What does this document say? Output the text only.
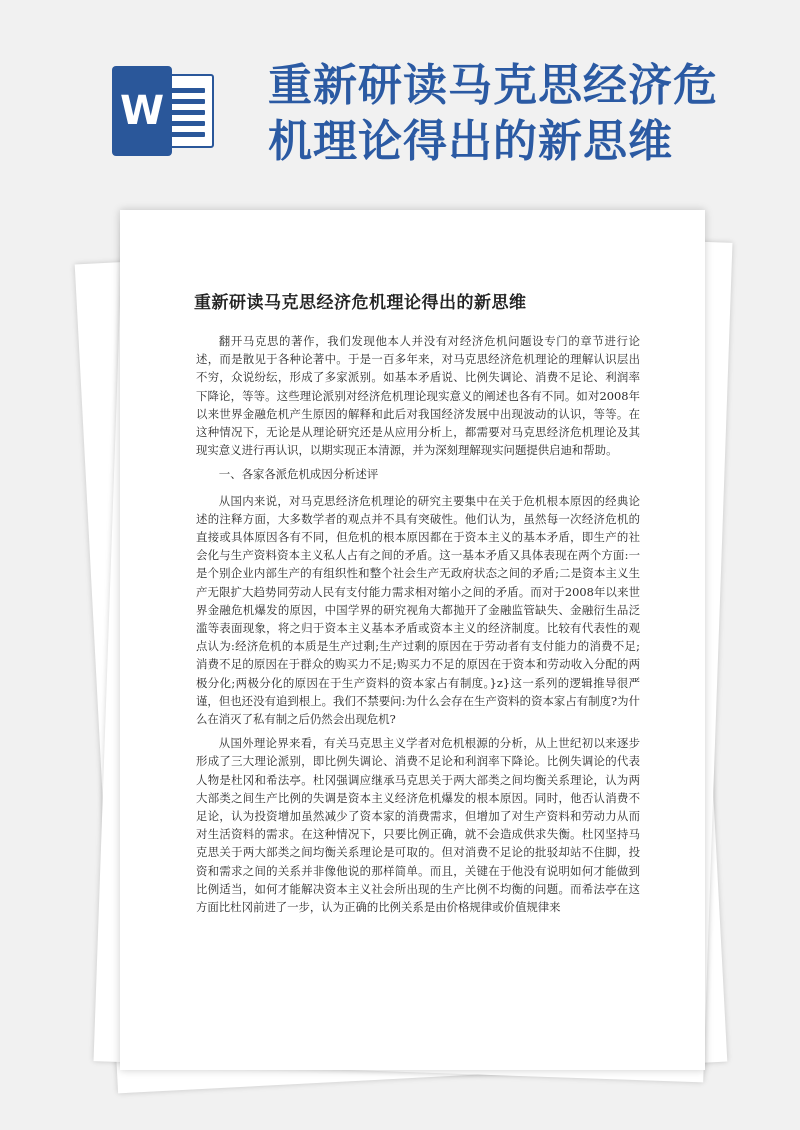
W 重新研读马克思经济危机理论得出的新思维
重新研读马克思经济危机理论得出的新思维

翻开马克思的著作，我们发现他本人并没有对经济危机问题设专门的章节进行论述，而是散见于各种论著中。于是一百多年来，对马克思经济危机理论的理解认识层出不穷，众说纷纭，形成了多家派别。如基本矛盾说、比例失调论、消费不足论、利润率下降论，等等。这些理论派别对经济危机理论现实意义的阐述也各有不同。如对2008年以来世界金融危机产生原因的解释和此后对我国经济发展中出现波动的认识，等等。在这种情况下，无论是从理论研究还是从应用分析上，都需要对马克思经济危机理论及其现实意义进行再认识，以期实现正本清源，并为深刻理解现实问题提供启迪和帮助。

一、各家各派危机成因分析述评

从国内来说，对马克思经济危机理论的研究主要集中在关于危机根本原因的经典论述的注释方面，大多数学者的观点并不具有突破性。他们认为，虽然每一次经济危机的直接或具体原因各有不同，但危机的根本原因都在于资本主义的基本矛盾，即生产的社会化与生产资料资本主义私人占有之间的矛盾。这一基本矛盾又具体表现在两个方面:一是个别企业内部生产的有组织性和整个社会生产无政府状态之间的矛盾;二是资本主义生产无限扩大趋势同劳动人民有支付能力需求相对缩小之间的矛盾。而对于2008年以来世界金融危机爆发的原因，中国学界的研究视角大都抛开了金融监管缺失、金融衍生品泛滥等表面现象，将之归于资本主义基本矛盾或资本主义的经济制度。比较有代表性的观点认为:经济危机的本质是生产过剩;生产过剩的原因在于劳动者有支付能力的消费不足;消费不足的原因在于群众的购买力不足;购买力不足的原因在于资本和劳动收入分配的两极分化;两极分化的原因在于生产资料的资本家占有制度。}z}这一系列的逻辑推导很严谨，但也还没有追到根上。我们不禁要问:为什么会存在生产资料的资本家占有制度?为什么在消灭了私有制之后仍然会出现危机?

从国外理论界来看，有关马克思主义学者对危机根源的分析，从上世纪初以来逐步形成了三大理论派别，即比例失调论、消费不足论和利润率下降论。比例失调论的代表人物是杜冈和希法亭。杜冈强调应继承马克思关于两大部类之间均衡关系理论，认为两大部类之间生产比例的失调是资本主义经济危机爆发的根本原因。同时，他否认消费不足论，认为投资增加虽然减少了资本家的消费需求，但增加了对生产资料和劳动力从而对生活资料的需求。在这种情况下，只要比例正确，就不会造成供求失衡。杜冈坚持马克思关于两大部类之间均衡关系理论是可取的。但对消费不足论的批驳却站不住脚，投资和需求之间的关系并非像他说的那样简单。而且，关键在于他没有说明如何才能做到比例适当，如何才能解决资本主义社会所出现的生产比例不均衡的问题。而希法亭在这方面比杜冈前进了一步，认为正确的比例关系是由价格规律或价值规律来
